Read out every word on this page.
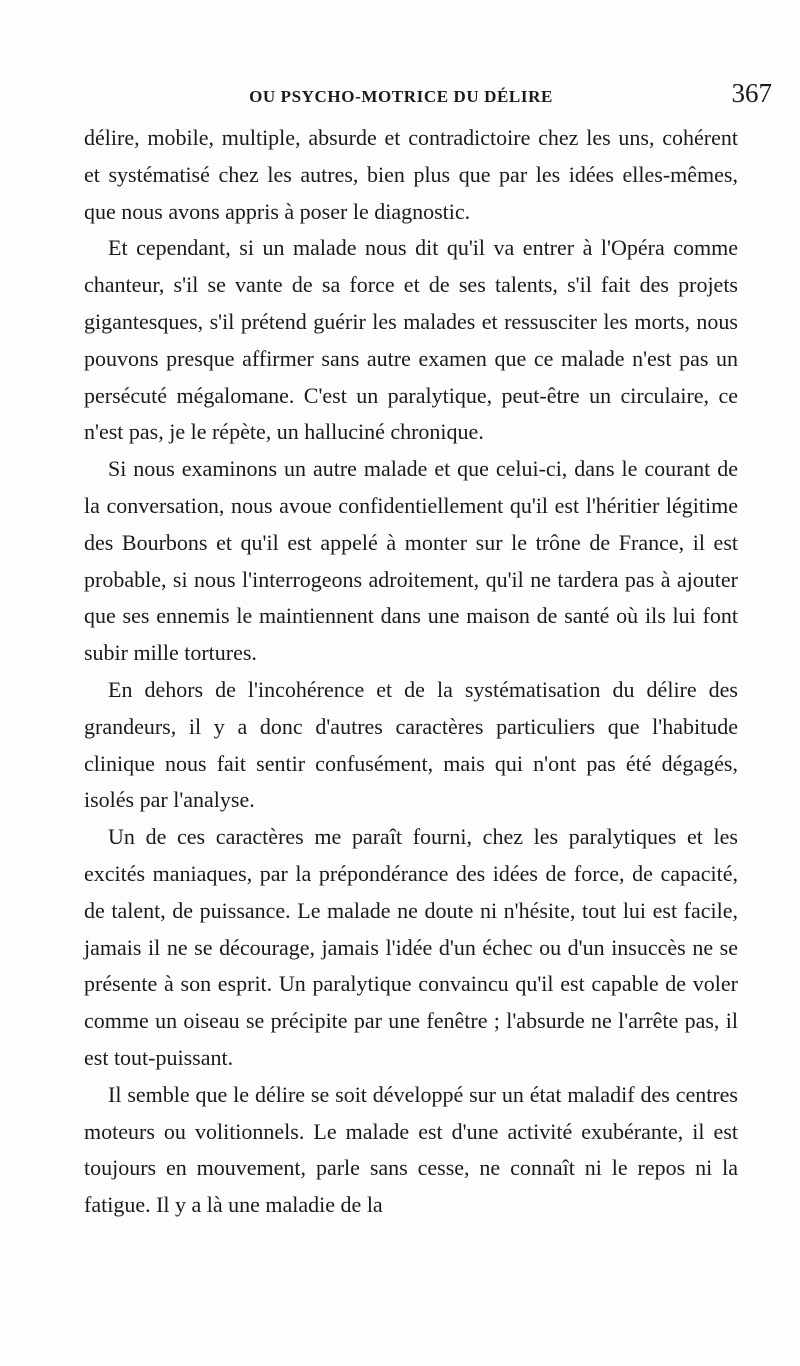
OU PSYCHO-MOTRICE DU DÉLIRE	367

délire, mobile, multiple, absurde et contradictoire chez les uns, cohérent et systématisé chez les autres, bien plus que par les idées elles-mêmes, que nous avons appris à poser le diagnostic.

Et cependant, si un malade nous dit qu'il va entrer à l'Opéra comme chanteur, s'il se vante de sa force et de ses talents, s'il fait des projets gigantesques, s'il prétend guérir les malades et ressusciter les morts, nous pouvons presque affirmer sans autre examen que ce malade n'est pas un persécuté mégalomane. C'est un paralytique, peut-être un circulaire, ce n'est pas, je le répète, un halluciné chronique.

Si nous examinons un autre malade et que celui-ci, dans le courant de la conversation, nous avoue confidentiellement qu'il est l'héritier légitime des Bourbons et qu'il est appelé à monter sur le trône de France, il est probable, si nous l'interrogeons adroitement, qu'il ne tardera pas à ajouter que ses ennemis le maintiennent dans une maison de santé où ils lui font subir mille tortures.

En dehors de l'incohérence et de la systématisation du délire des grandeurs, il y a donc d'autres caractères particuliers que l'habitude clinique nous fait sentir confusément, mais qui n'ont pas été dégagés, isolés par l'analyse.

Un de ces caractères me paraît fourni, chez les paralytiques et les excités maniaques, par la prépondérance des idées de force, de capacité, de talent, de puissance. Le malade ne doute ni n'hésite, tout lui est facile, jamais il ne se décourage, jamais l'idée d'un échec ou d'un insuccès ne se présente à son esprit. Un paralytique convaincu qu'il est capable de voler comme un oiseau se précipite par une fenêtre ; l'absurde ne l'arrête pas, il est tout-puissant.

Il semble que le délire se soit développé sur un état maladif des centres moteurs ou volitionnels. Le malade est d'une activité exubérante, il est toujours en mouvement, parle sans cesse, ne connaît ni le repos ni la fatigue. Il y a là une maladie de la
